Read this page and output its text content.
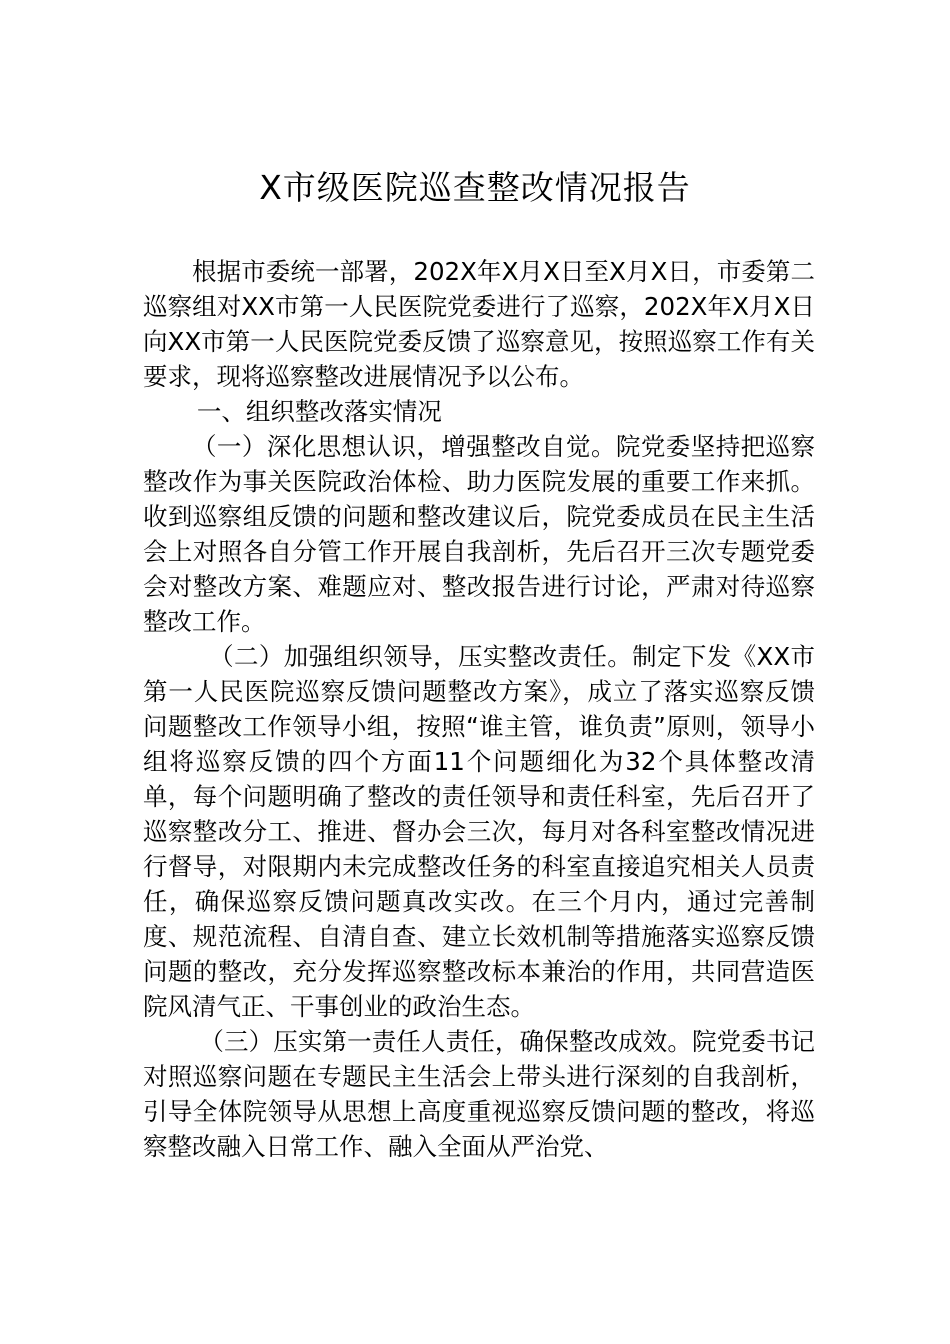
X市级医院巡查整改情况报告

根据市委统一部署，202X年X月X日至X月X日，市委第二巡察组对XX市第一人民医院党委进行了巡察，202X年X月X日向XX市第一人民医院党委反馈了巡察意见，按照巡察工作有关要求，现将巡察整改进展情况予以公布。

一、组织整改落实情况

（一）深化思想认识，增强整改自觉。院党委坚持把巡察整改作为事关医院政治体检、助力医院发展的重要工作来抓。收到巡察组反馈的问题和整改建议后，院党委成员在民主生活会上对照各自分管工作开展自我剖析，先后召开三次专题党委会对整改方案、难题应对、整改报告进行讨论，严肃对待巡察整改工作。

（二）加强组织领导，压实整改责任。制定下发《XX市第一人民医院巡察反馈问题整改方案》，成立了落实巡察反馈问题整改工作领导小组，按照“谁主管，谁负责”原则，领导小组将巡察反馈的四个方面11个问题细化为32个具体整改清单，每个问题明确了整改的责任领导和责任科室，先后召开了巡察整改分工、推进、督办会三次，每月对各科室整改情况进行督导，对限期内未完成整改任务的科室直接追究相关人员责任，确保巡察反馈问题真改实改。在三个月内，通过完善制度、规范流程、自清自查、建立长效机制等措施落实巡察反馈问题的整改，充分发挥巡察整改标本兼治的作用，共同营造医院风清气正、干事创业的政治生态。

（三）压实第一责任人责任，确保整改成效。院党委书记对照巡察问题在专题民主生活会上带头进行深刻的自我剖析，引导全体院领导从思想上高度重视巡察反馈问题的整改，将巡察整改融入日常工作、融入全面从严治党、
